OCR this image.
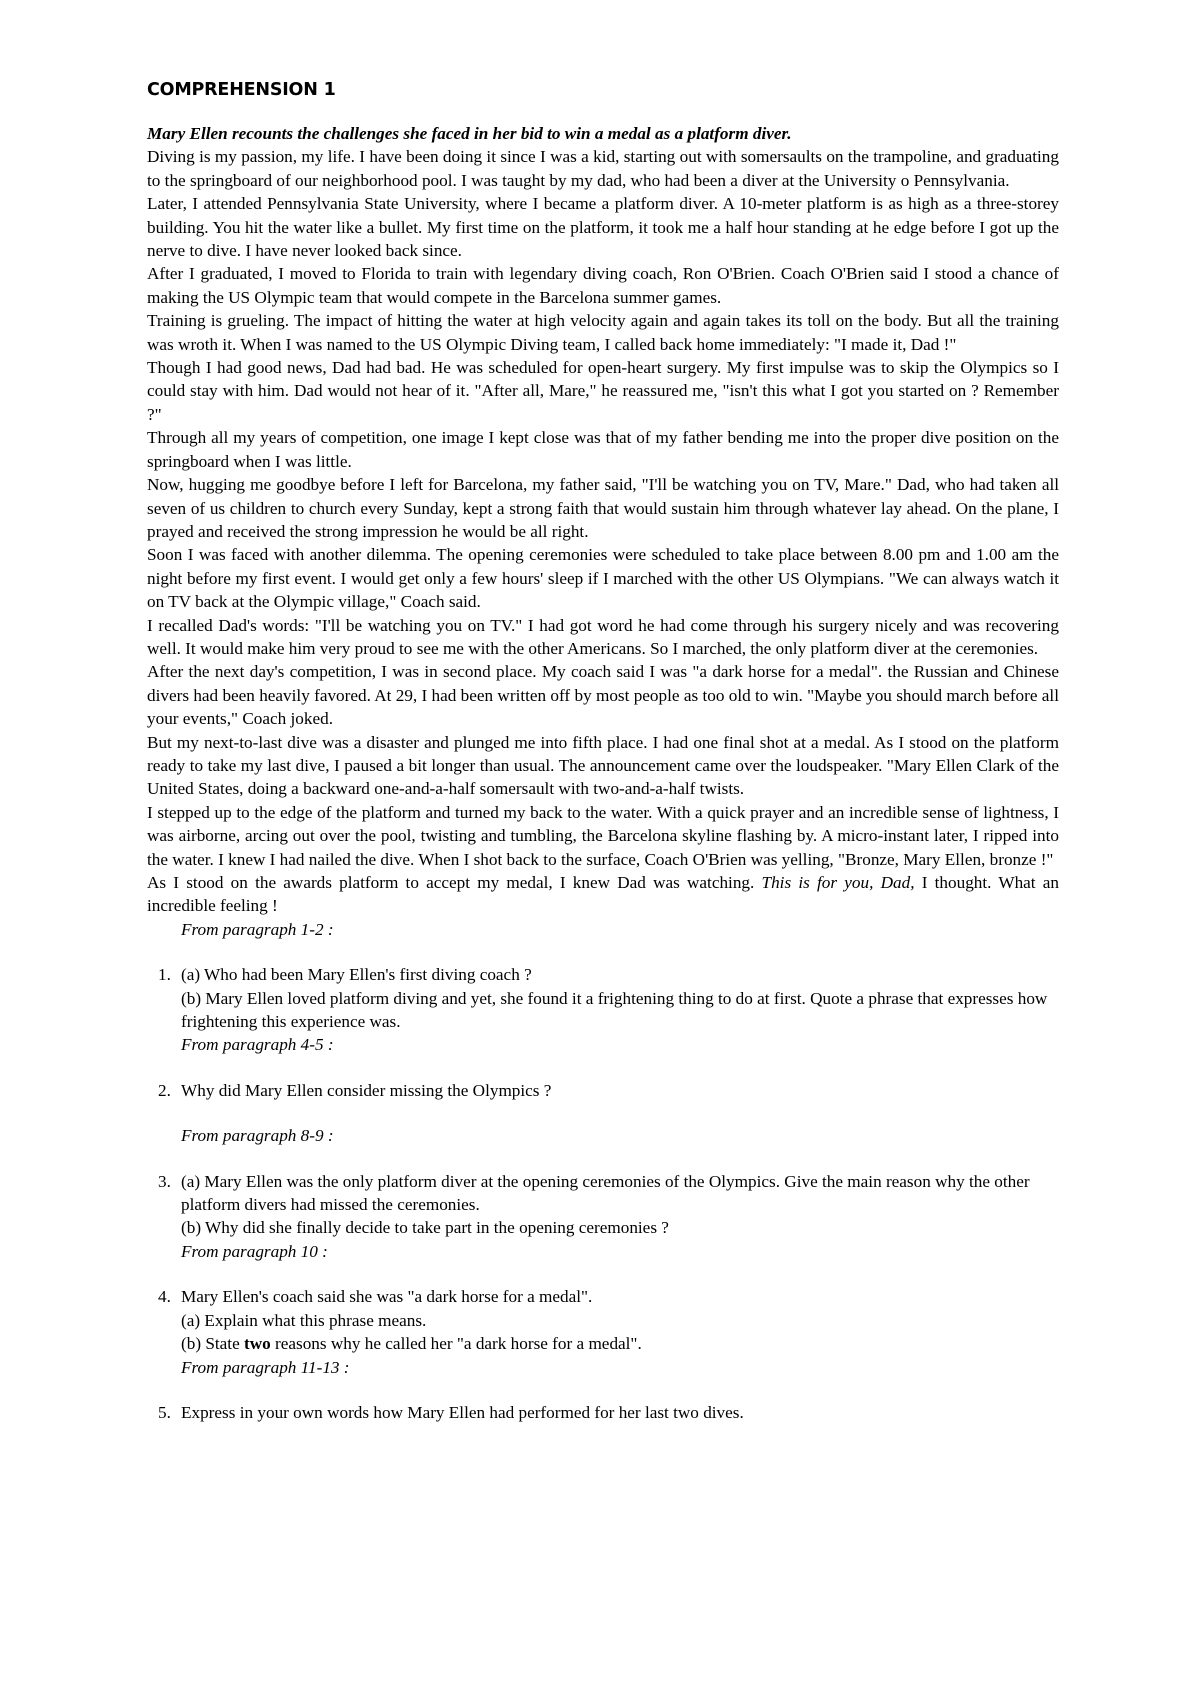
COMPREHENSION 1

Mary Ellen recounts the challenges she faced in her bid to win a medal as a platform diver.

Diving is my passion, my life. I have been doing it since I was a kid, starting out with somersaults on the trampoline, and graduating to the springboard of our neighborhood pool. I was taught by my dad, who had been a diver at the University o Pennsylvania.

Later, I attended Pennsylvania State University, where I became a platform diver. A 10-meter platform is as high as a three-storey building. You hit the water like a bullet. My first time on the platform, it took me a half hour standing at he edge before I got up the nerve to dive. I have never looked back since.

After I graduated, I moved to Florida to train with legendary diving coach, Ron O'Brien. Coach O'Brien said I stood a chance of making the US Olympic team that would compete in the Barcelona summer games.

Training is grueling. The impact of hitting the water at high velocity again and again takes its toll on the body. But all the training was wroth it. When I was named to the US Olympic Diving team, I called back home immediately: "I made it, Dad !"

Though I had good news, Dad had bad. He was scheduled for open-heart surgery. My first impulse was to skip the Olympics so I could stay with him. Dad would not hear of it. "After all, Mare," he reassured me, "isn't this what I got you started on ? Remember ?"

Through all my years of competition, one image I kept close was that of my father bending me into the proper dive position on the springboard when I was little.

Now, hugging me goodbye before I left for Barcelona, my father said, "I'll be watching you on TV, Mare." Dad, who had taken all seven of us children to church every Sunday, kept a strong faith that would sustain him through whatever lay ahead. On the plane, I prayed and received the strong impression he would be all right.

Soon I was faced with another dilemma. The opening ceremonies were scheduled to take place between 8.00 pm and 1.00 am the night before my first event. I would get only a few hours' sleep if I marched with the other US Olympians. "We can always watch it on TV back at the Olympic village," Coach said.

I recalled Dad's words: "I'll be watching you on TV." I had got word he had come through his surgery nicely and was recovering well. It would make him very proud to see me with the other Americans. So I marched, the only platform diver at the ceremonies.

After the next day's competition, I was in second place. My coach said I was "a dark horse for a medal". the Russian and Chinese divers had been heavily favored. At 29, I had been written off by most people as too old to win. "Maybe you should march before all your events," Coach joked.

But my next-to-last dive was a disaster and plunged me into fifth place. I had one final shot at a medal. As I stood on the platform ready to take my last dive, I paused a bit longer than usual. The announcement came over the loudspeaker. "Mary Ellen Clark of the United States, doing a backward one-and-a-half somersault with two-and-a-half twists.

I stepped up to the edge of the platform and turned my back to the water. With a quick prayer and an incredible sense of lightness, I was airborne, arcing out over the pool, twisting and tumbling, the Barcelona skyline flashing by. A micro-instant later, I ripped into the water. I knew I had nailed the dive. When I shot back to the surface, Coach O'Brien was yelling, "Bronze, Mary Ellen, bronze !"

As I stood on the awards platform to accept my medal, I knew Dad was watching. This is for you, Dad, I thought. What an incredible feeling !

From paragraph 1-2 :

1. (a) Who had been Mary Ellen's first diving coach ?

(b) Mary Ellen loved platform diving and yet, she found it a frightening thing to do at first. Quote a phrase that expresses how frightening this experience was.

From paragraph 4-5 :

2. Why did Mary Ellen consider missing the Olympics ?

From paragraph 8-9 :

3. (a) Mary Ellen was the only platform diver at the opening ceremonies of the Olympics. Give the main reason why the other platform divers had missed the ceremonies.

(b) Why did she finally decide to take part in the opening ceremonies ?

From paragraph 10 :

4. Mary Ellen's coach said she was "a dark horse for a medal".

(a) Explain what this phrase means.

(b) State two reasons why he called her "a dark horse for a medal".

From paragraph 11-13 :

5. Express in your own words how Mary Ellen had performed for her last two dives.
